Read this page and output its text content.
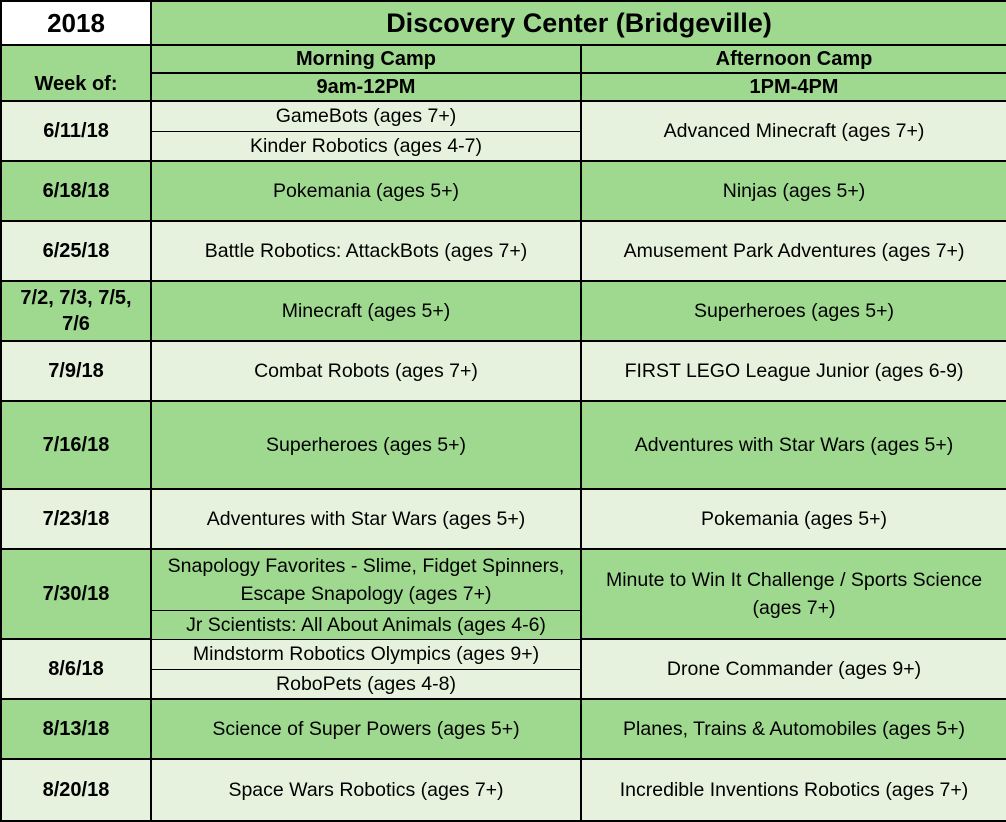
2018	Discovery Center (Bridgeville)	
Week of:	Morning Camp	Afternoon Camp
	9am-12PM	1PM-4PM
6/11/18	GameBots (ages 7+)	Advanced Minecraft (ages 7+)
	Kinder Robotics (ages 4-7)	
6/18/18	Pokemania (ages 5+)	Ninjas (ages 5+)
6/25/18	Battle Robotics: AttackBots (ages 7+)	Amusement Park Adventures (ages 7+)
7/2, 7/3, 7/5, 7/6	Minecraft (ages 5+)	Superheroes (ages 5+)
7/9/18	Combat Robots (ages 7+)	FIRST LEGO League Junior (ages 6-9)
7/16/18	Superheroes (ages 5+)	Adventures with Star Wars (ages 5+)
7/23/18	Adventures with Star Wars (ages 5+)	Pokemania (ages 5+)
7/30/18	Snapology Favorites - Slime, Fidget Spinners, Escape Snapology (ages 7+)	Minute to Win It Challenge / Sports Science (ages 7+)
	Jr Scientists: All About Animals (ages 4-6)	
8/6/18	Mindstorm Robotics Olympics (ages 9+)	Drone Commander (ages 9+)
	RoboPets (ages 4-8)	
8/13/18	Science of Super Powers (ages 5+)	Planes, Trains & Automobiles (ages 5+)
8/20/18	Space Wars Robotics (ages 7+)	Incredible Inventions Robotics (ages 7+)
